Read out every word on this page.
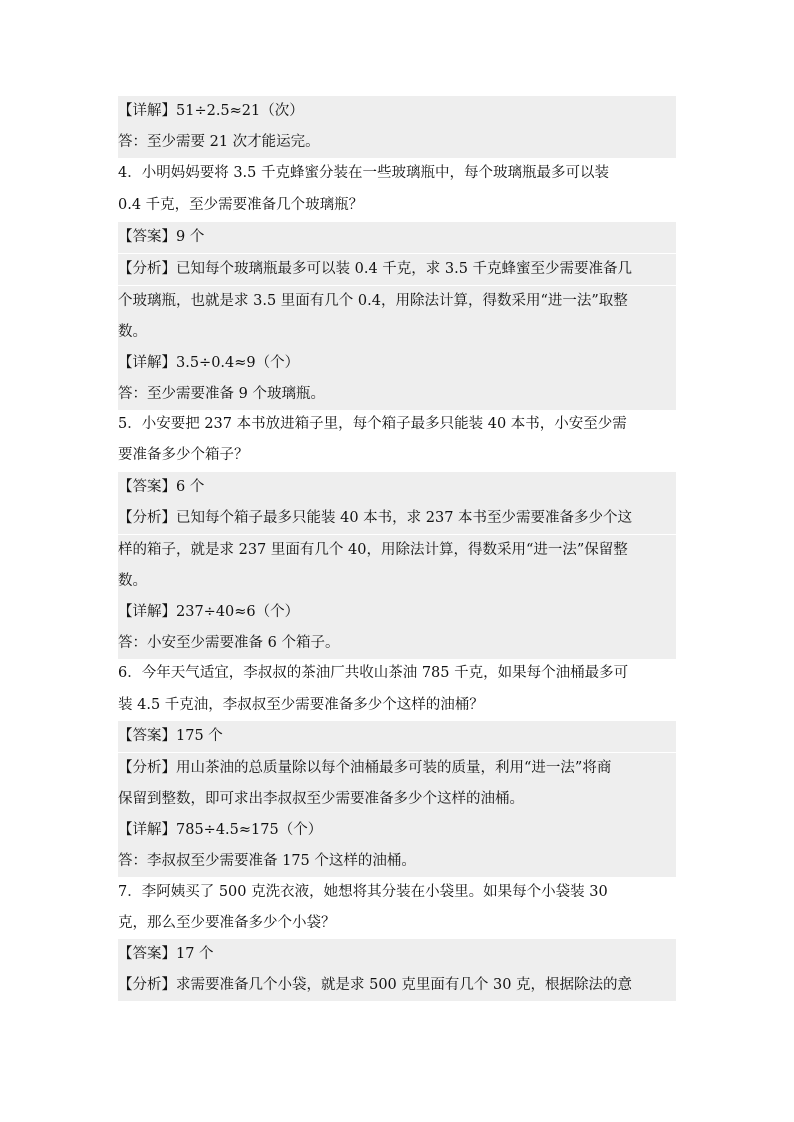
【详解】51÷2.5≈21（次）
答：至少需要 21 次才能运完。
4．小明妈妈要将 3.5 千克蜂蜜分装在一些玻璃瓶中，每个玻璃瓶最多可以装
0.4 千克，至少需要准备几个玻璃瓶？
【答案】9 个
【分析】已知每个玻璃瓶最多可以装 0.4 千克，求 3.5 千克蜂蜜至少需要准备几
个玻璃瓶，也就是求 3.5 里面有几个 0.4，用除法计算，得数采用“进一法”取整
数。
【详解】3.5÷0.4≈9（个）
答：至少需要准备 9 个玻璃瓶。
5．小安要把 237 本书放进箱子里，每个箱子最多只能装 40 本书，小安至少需
要准备多少个箱子？
【答案】6 个
【分析】已知每个箱子最多只能装 40 本书，求 237 本书至少需要准备多少个这
样的箱子，就是求 237 里面有几个 40，用除法计算，得数采用“进一法”保留整
数。
【详解】237÷40≈6（个）
答：小安至少需要准备 6 个箱子。
6．今年天气适宜，李叔叔的茶油厂共收山茶油 785 千克，如果每个油桶最多可
装 4.5 千克油，李叔叔至少需要准备多少个这样的油桶？
【答案】175 个
【分析】用山茶油的总质量除以每个油桶最多可装的质量，利用“进一法”将商
保留到整数，即可求出李叔叔至少需要准备多少个这样的油桶。
【详解】785÷4.5≈175（个）
答：李叔叔至少需要准备 175 个这样的油桶。
7．李阿姨买了 500 克洗衣液，她想将其分装在小袋里。如果每个小袋装 30
克，那么至少要准备多少个小袋？
【答案】17 个
【分析】求需要准备几个小袋，就是求 500 克里面有几个 30 克，根据除法的意
